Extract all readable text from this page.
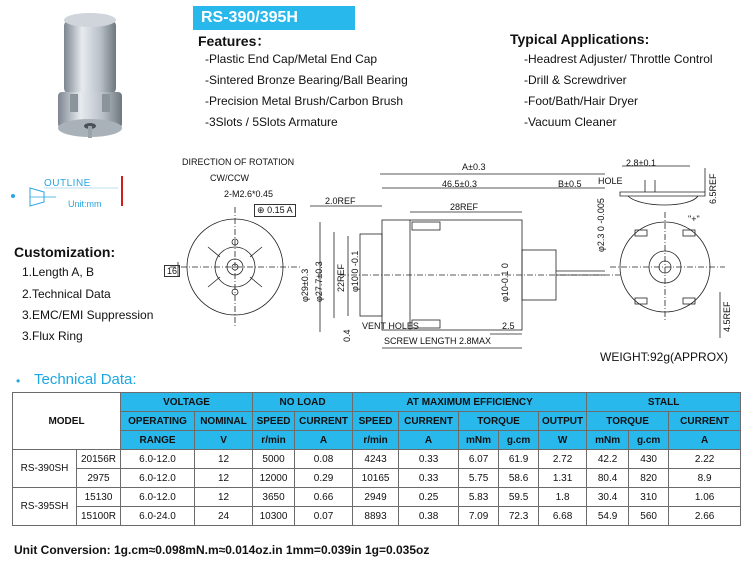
RS-390/395H
Features：
-Plastic End Cap/Metal End Cap
-Sintered Bronze Bearing/Ball Bearing
-Precision Metal Brush/Carbon Brush
-3Slots / 5Slots Armature
Typical Applications:
-Headrest Adjuster/ Throttle Control
-Drill & Screwdriver
-Foot/Bath/Hair Dryer
-Vacuum Cleaner
OUTLINE
Unit:mm
Customization:
1.Length A, B
2.Technical Data
3.EMC/EMI Suppression
3.Flux Ring
DIRECTION OF ROTATION
CW/CCW
2-M2.6*0.45
⊕ 0.15 A
2.0REF
A±0.3
46.5±0.3	B±0.5
28REF
16	φ29±0.3 φ27.7±0.3 22REF φ10 0 -0.1	φ10-0.1 0
0.4
VENT HOLES	2.5
SCREW LENGTH 2.8MAX
2.8±0.1
HOLE	6.5REF
φ2.3 0 -0.005	"+"
4.5REF
WEIGHT:92g(APPROX)
• Technical Data:
MODEL		VOLTAGE		NO LOAD		AT MAXIMUM EFFICIENCY					STALL		
		OPERATING	NOMINAL	SPEED	CURRENT	SPEED	CURRENT	TORQUE		OUTPUT	TORQUE		CURRENT
		RANGE	V	r/min	A	r/min	A	mNm	g.cm	W	mNm	g.cm	A
RS-390SH	20156R	6.0-12.0	12	5000	0.08	4243	0.33	6.07	61.9	2.72	42.2	430	2.22
	2975	6.0-12.0	12	12000	0.29	10165	0.33	5.75	58.6	1.31	80.4	820	8.9
RS-395SH	15130	6.0-12.0	12	3650	0.66	2949	0.25	5.83	59.5	1.8	30.4	310	1.06
	15100R	6.0-24.0	24	10300	0.07	8893	0.38	7.09	72.3	6.68	54.9	560	2.66
Unit Conversion: 1g.cm≈0.098mN.m≈0.014oz.in 1mm=0.039in 1g=0.035oz
